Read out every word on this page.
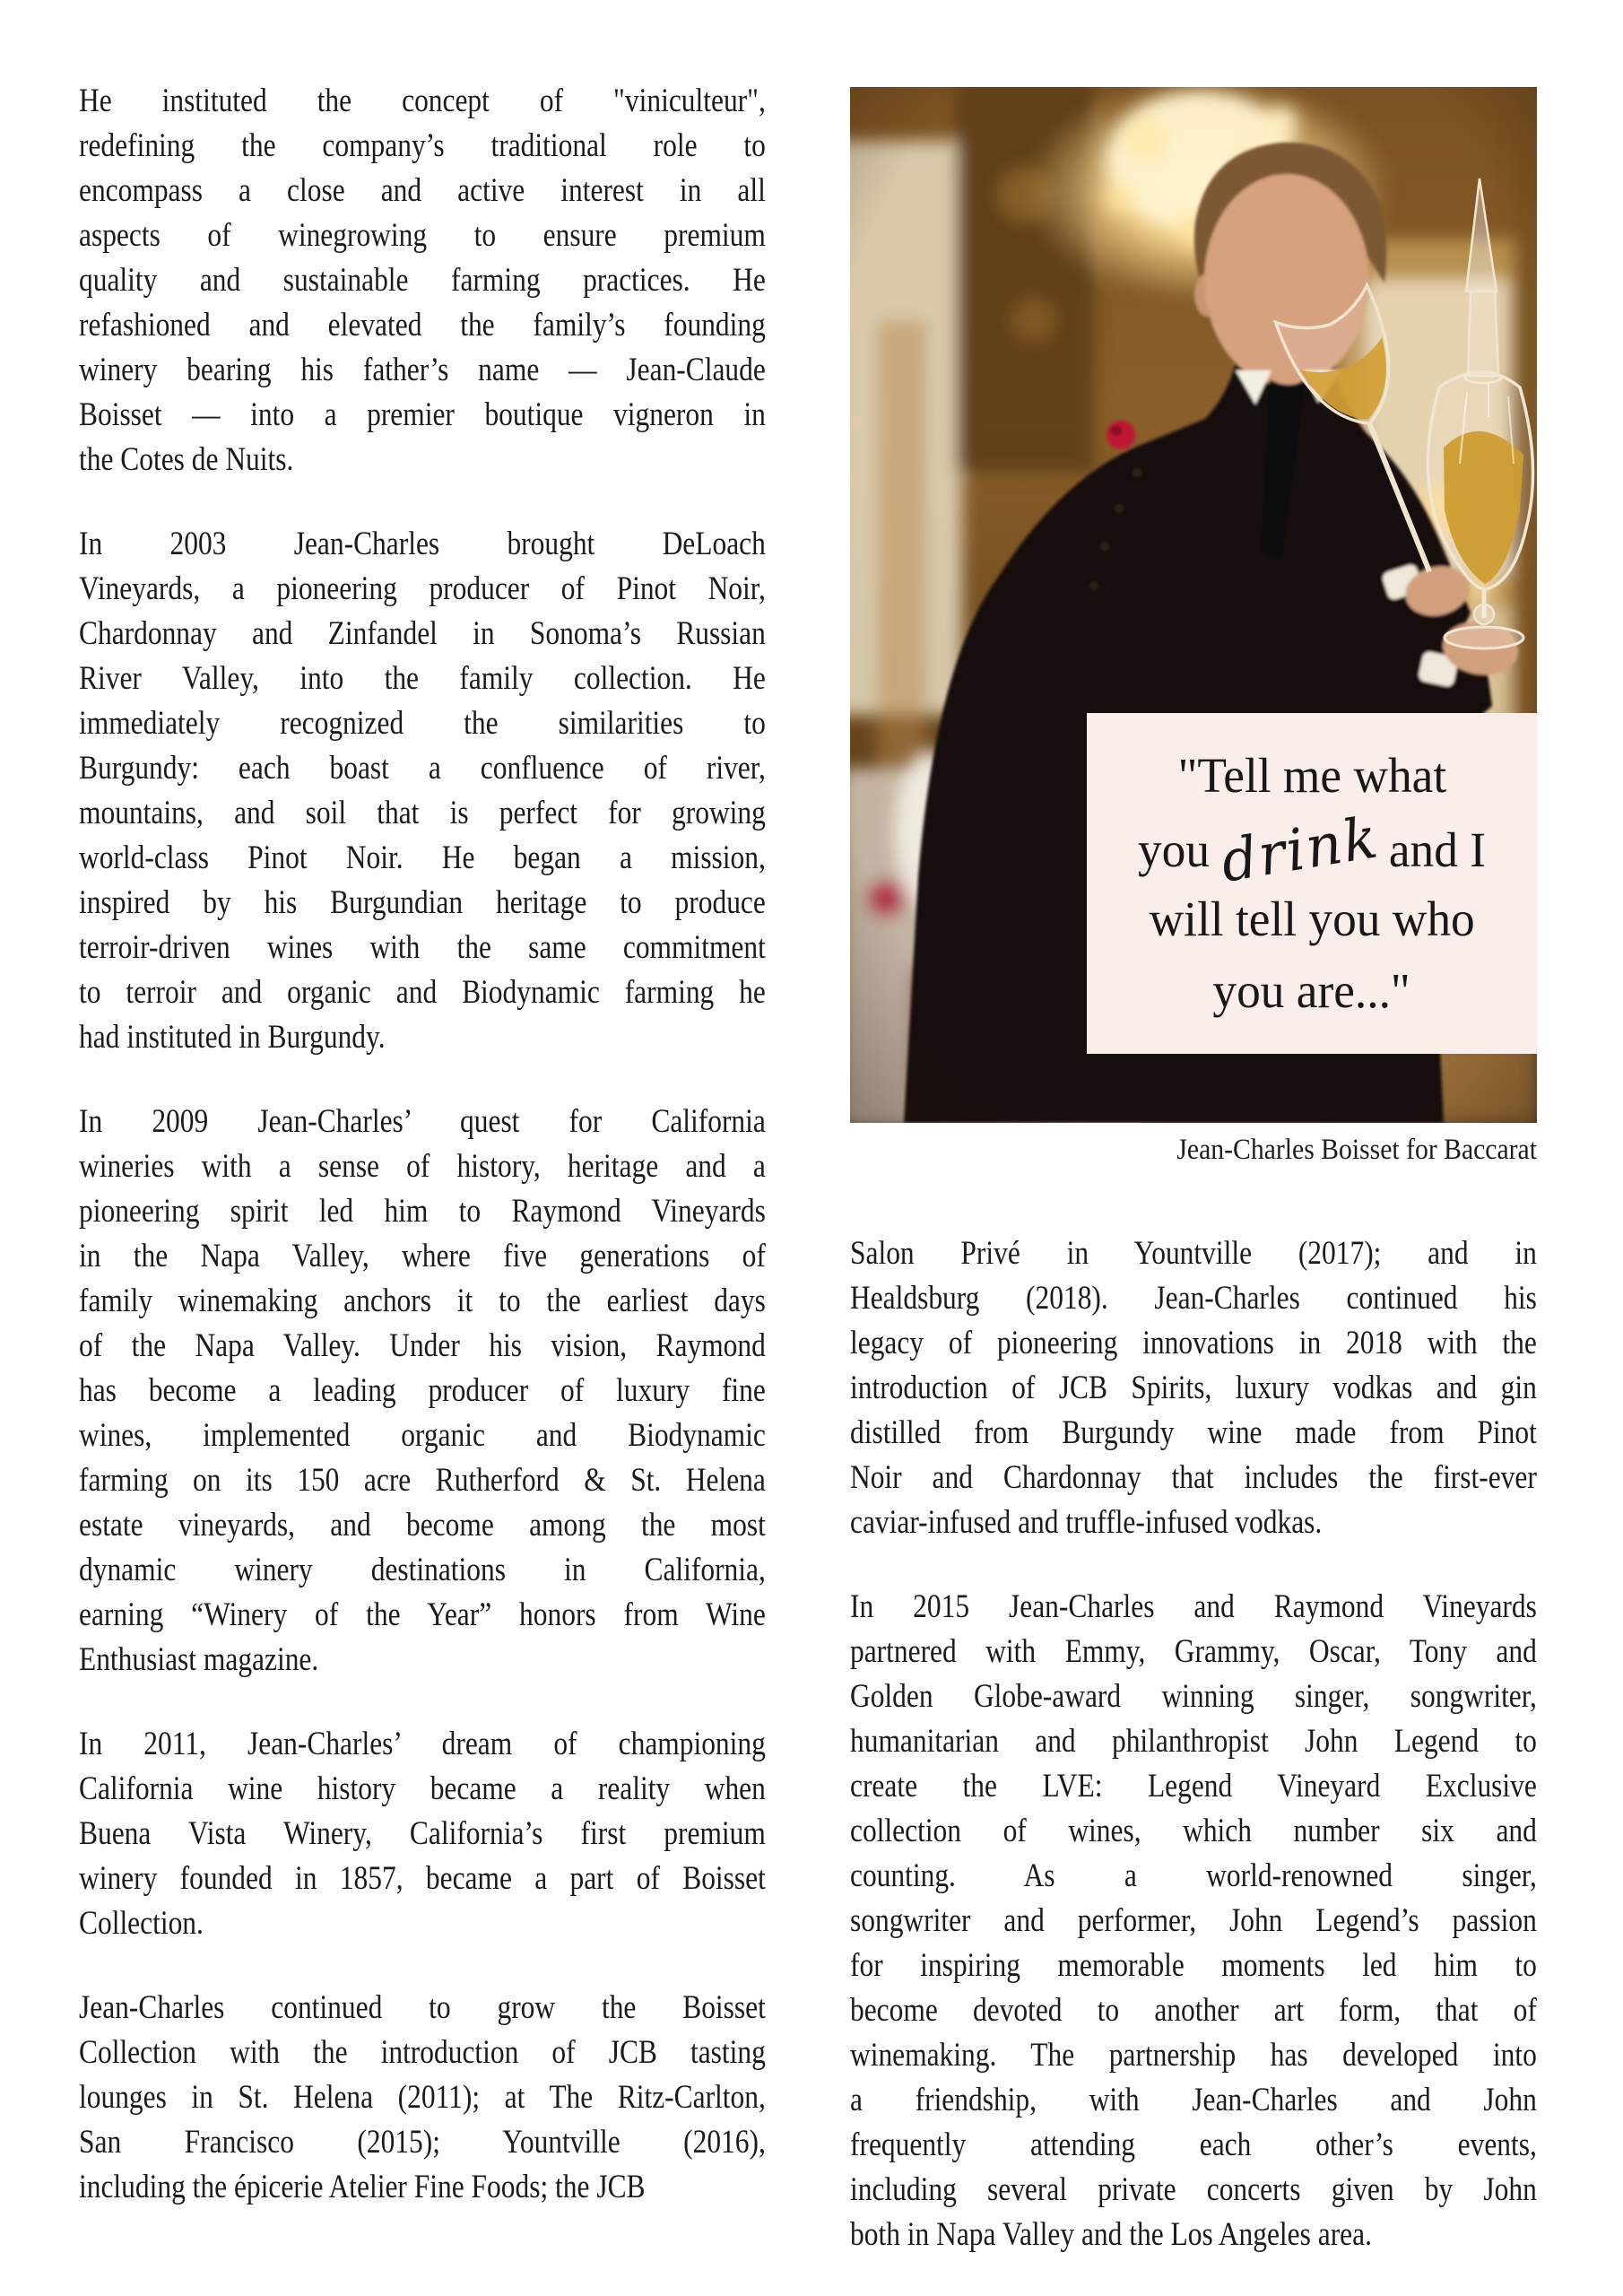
He instituted the concept of "viniculteur",
redefining the company’s traditional role to
encompass a close and active interest in all
aspects of winegrowing to ensure premium
quality and sustainable farming practices. He
refashioned and elevated the family’s founding
winery bearing his father’s name — Jean-Claude
Boisset — into a premier boutique vigneron in
the Cotes de Nuits.
In 2003 Jean-Charles brought DeLoach
Vineyards, a pioneering producer of Pinot Noir,
Chardonnay and Zinfandel in Sonoma’s Russian
River Valley, into the family collection. He
immediately recognized the similarities to
Burgundy: each boast a confluence of river,
mountains, and soil that is perfect for growing
world-class Pinot Noir. He began a mission,
inspired by his Burgundian heritage to produce
terroir-driven wines with the same commitment
to terroir and organic and Biodynamic farming he
had instituted in Burgundy.
In 2009 Jean-Charles’ quest for California
wineries with a sense of history, heritage and a
pioneering spirit led him to Raymond Vineyards
in the Napa Valley, where five generations of
family winemaking anchors it to the earliest days
of the Napa Valley. Under his vision, Raymond
has become a leading producer of luxury fine
wines, implemented organic and Biodynamic
farming on its 150 acre Rutherford & St. Helena
estate vineyards, and become among the most
dynamic winery destinations in California,
earning “Winery of the Year” honors from Wine
Enthusiast magazine.
In 2011, Jean-Charles’ dream of championing
California wine history became a reality when
Buena Vista Winery, California’s first premium
winery founded in 1857, became a part of Boisset
Collection.
Jean-Charles continued to grow the Boisset
Collection with the introduction of JCB tasting
lounges in St. Helena (2011); at The Ritz-Carlton,
San Francisco (2015); Yountville (2016),
including the épicerie Atelier Fine Foods; the JCB
"Tell me what
you drink and I
will tell you who
you are..."
Jean-Charles Boisset for Baccarat
Salon Privé in Yountville (2017); and in
Healdsburg (2018). Jean-Charles continued his
legacy of pioneering innovations in 2018 with the
introduction of JCB Spirits, luxury vodkas and gin
distilled from Burgundy wine made from Pinot
Noir and Chardonnay that includes the first-ever
caviar-infused and truffle-infused vodkas.
In 2015 Jean-Charles and Raymond Vineyards
partnered with Emmy, Grammy, Oscar, Tony and
Golden Globe-award winning singer, songwriter,
humanitarian and philanthropist John Legend to
create the LVE: Legend Vineyard Exclusive
collection of wines, which number six and
counting. As a world-renowned singer,
songwriter and performer, John Legend’s passion
for inspiring memorable moments led him to
become devoted to another art form, that of
winemaking. The partnership has developed into
a friendship, with Jean-Charles and John
frequently attending each other’s events,
including several private concerts given by John
both in Napa Valley and the Los Angeles area.
